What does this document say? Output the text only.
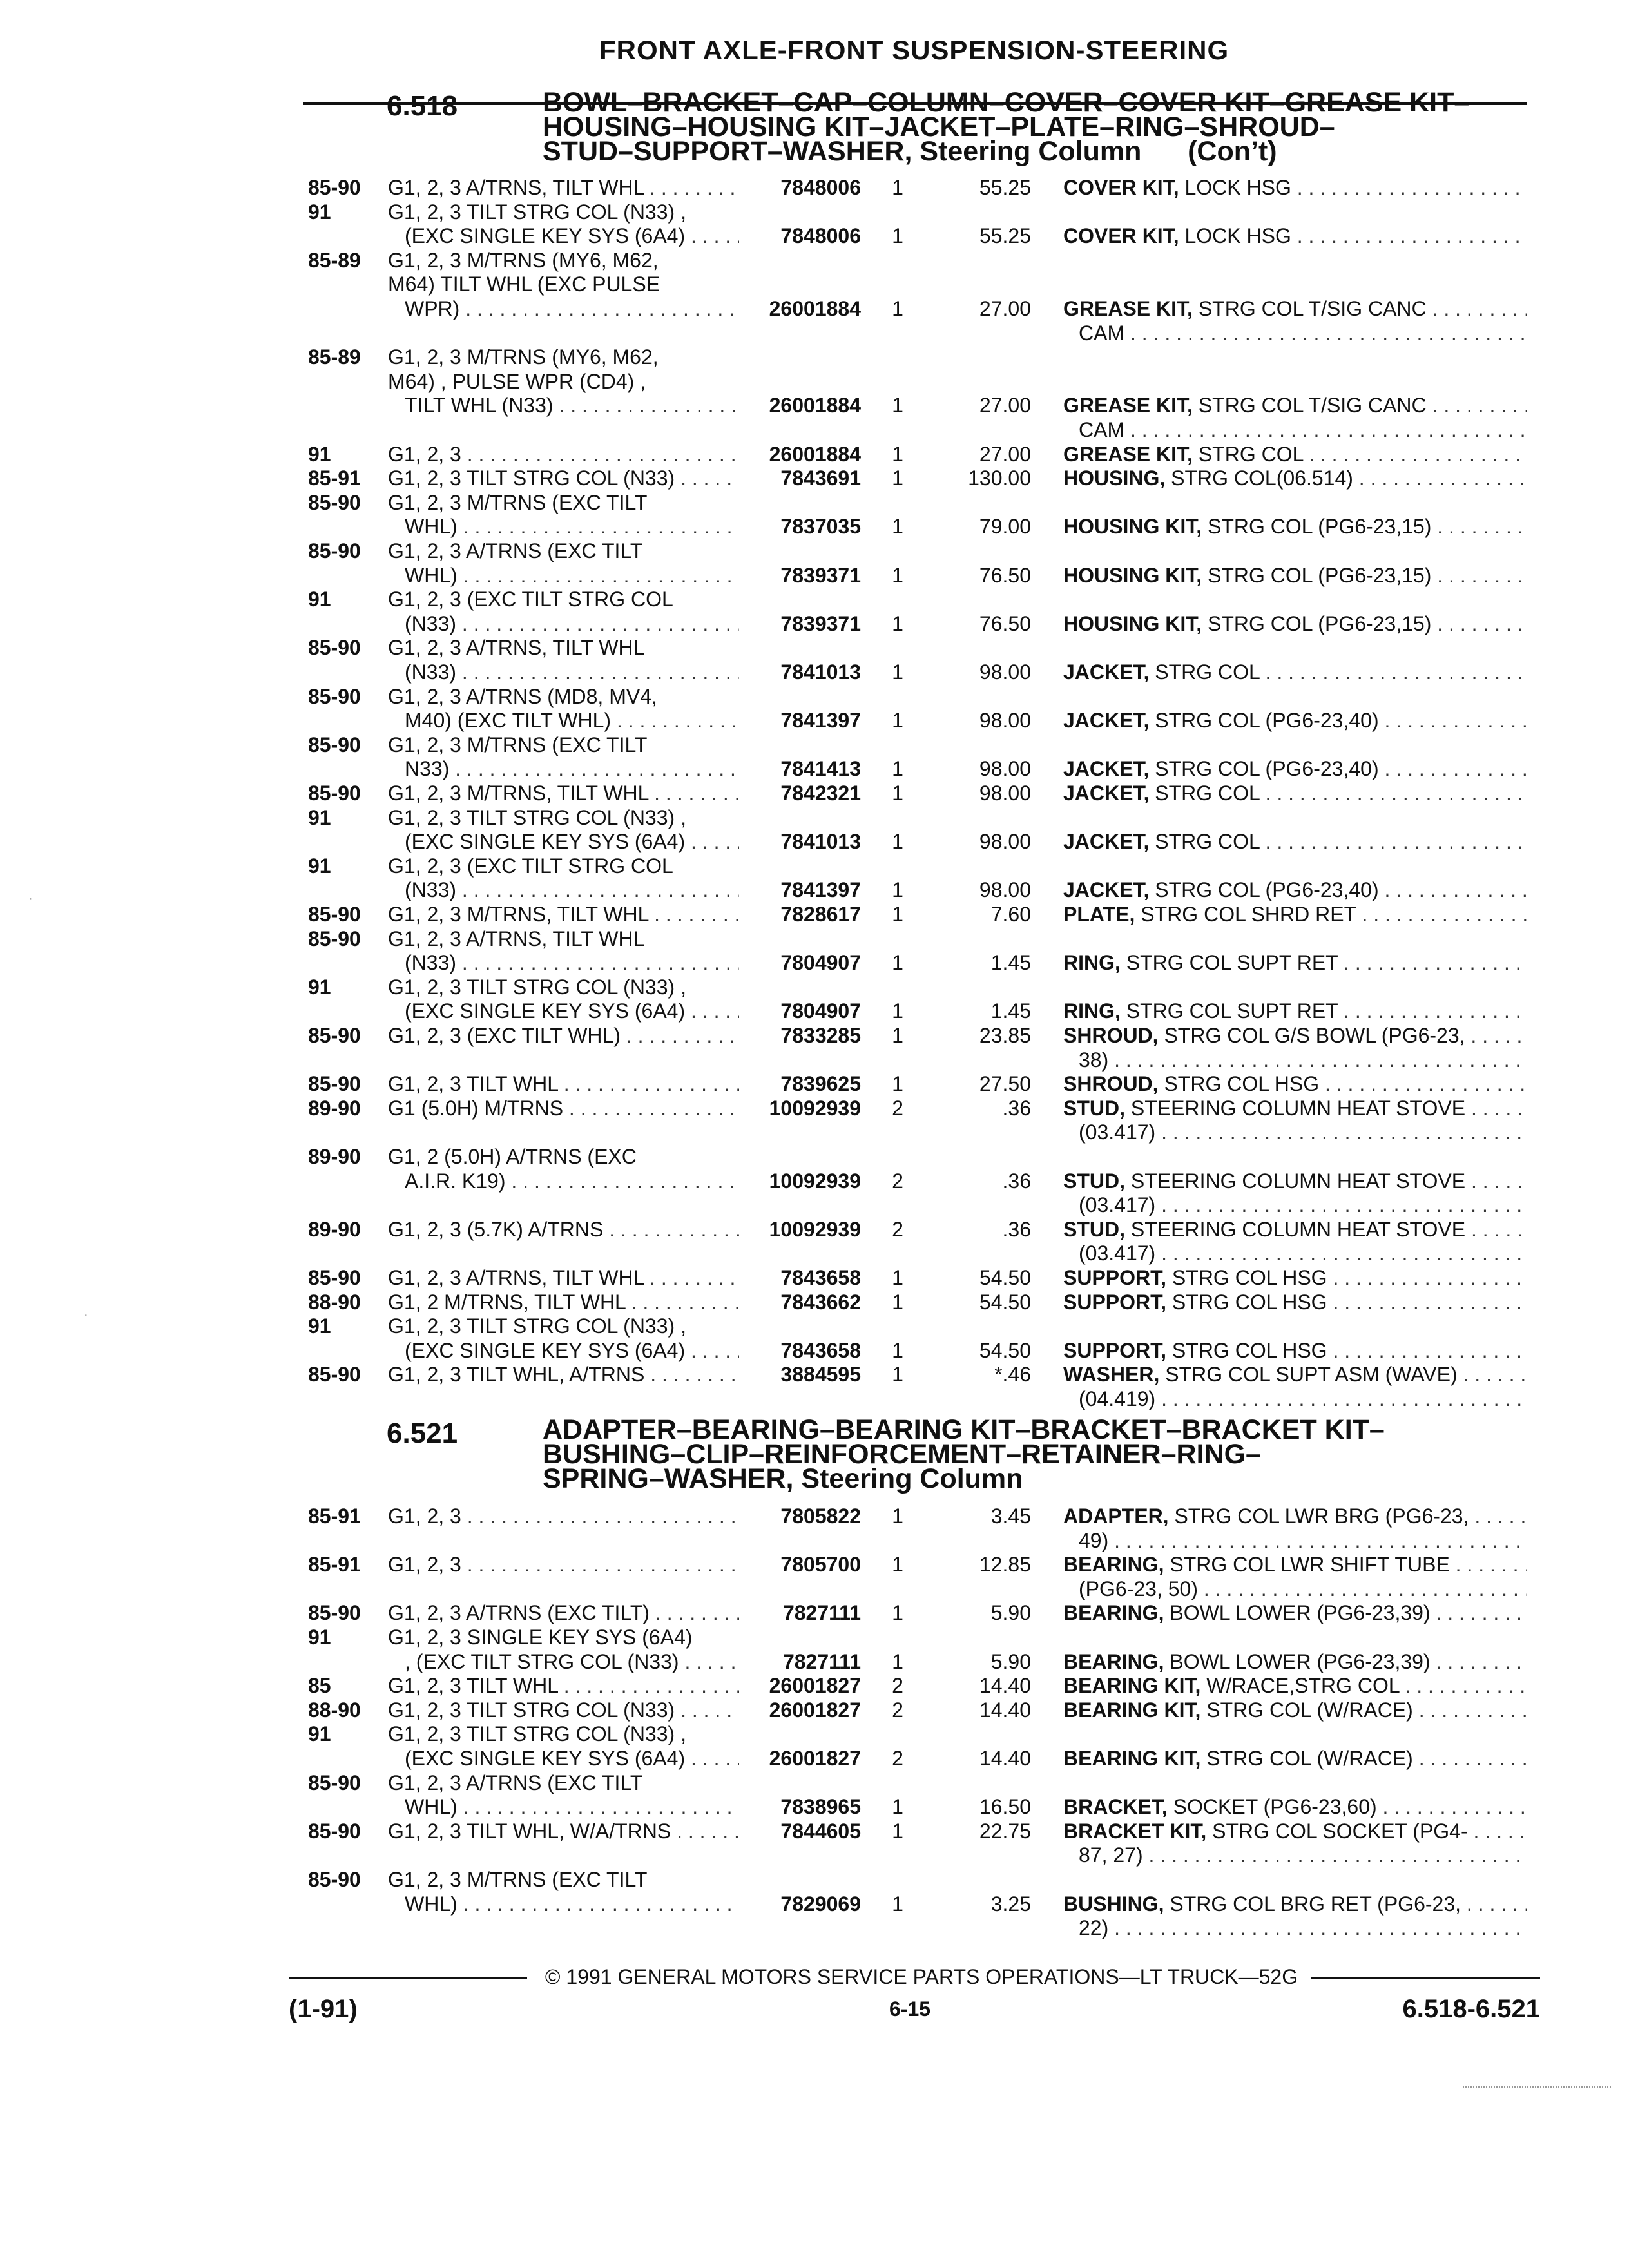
FRONT AXLE-FRONT SUSPENSION-STEERING
6.518	BOWL–BRACKET–CAP–COLUMN–COVER–COVER KIT–GREASE KIT–
HOUSING–HOUSING KIT–JACKET–PLATE–RING–SHROUD–
STUD–SUPPORT–WASHER, Steering Column      (Con’t)
85-90 G1, 2, 3 A/TRNS, TILT WHL . . .	7848006	1	55.25 COVER KIT, LOCK HSG . . .
91	G1, 2, 3 TILT STRG COL (N33) ,
(EXC SINGLE KEY SYS (6A4) . . .	7848006	1	55.25 COVER KIT, LOCK HSG . . .
85-89 G1, 2, 3 M/TRNS (MY6, M62,
M64) TILT WHL (EXC PULSE
WPR) . . .	26001884	1	27.00 GREASE KIT, STRG COL T/SIG CANC . . .
CAM . . .
85-89 G1, 2, 3 M/TRNS (MY6, M62,
M64) , PULSE WPR (CD4) ,
TILT WHL (N33) . . .	26001884	1	27.00 GREASE KIT, STRG COL T/SIG CANC . . .
CAM . . .
91	G1, 2, 3 . . .	26001884	1	27.00 GREASE KIT, STRG COL . . .
85-91 G1, 2, 3 TILT STRG COL (N33) . . .	7843691	1	130.00 HOUSING, STRG COL(06.514) . . .
85-90 G1, 2, 3 M/TRNS (EXC TILT
WHL) . . .	7837035	1	79.00 HOUSING KIT, STRG COL (PG6-23,15) . . .
85-90 G1, 2, 3 A/TRNS (EXC TILT
WHL) . . .	7839371	1	76.50 HOUSING KIT, STRG COL (PG6-23,15) . . .
91	G1, 2, 3 (EXC TILT STRG COL
(N33) . . .	7839371	1	76.50 HOUSING KIT, STRG COL (PG6-23,15) . . .
85-90 G1, 2, 3 A/TRNS, TILT WHL
(N33) . . .	7841013	1	98.00 JACKET, STRG COL . . .
85-90 G1, 2, 3 A/TRNS (MD8, MV4,
M40) (EXC TILT WHL) . . .	7841397	1	98.00 JACKET, STRG COL (PG6-23,40) . . .
85-90 G1, 2, 3 M/TRNS (EXC TILT
N33) . . .	7841413	1	98.00 JACKET, STRG COL (PG6-23,40) . . .
85-90 G1, 2, 3 M/TRNS, TILT WHL . . .	7842321	1	98.00 JACKET, STRG COL . . .
91	G1, 2, 3 TILT STRG COL (N33) ,
(EXC SINGLE KEY SYS (6A4) . . .	7841013	1	98.00 JACKET, STRG COL . . .
91	G1, 2, 3 (EXC TILT STRG COL
(N33) . . .	7841397	1	98.00 JACKET, STRG COL (PG6-23,40) . . .
85-90 G1, 2, 3 M/TRNS, TILT WHL . . .	7828617	1	7.60 PLATE, STRG COL SHRD RET . . .
85-90 G1, 2, 3 A/TRNS, TILT WHL
(N33) . . .	7804907	1	1.45 RING, STRG COL SUPT RET . . .
91	G1, 2, 3 TILT STRG COL (N33) ,
(EXC SINGLE KEY SYS (6A4) . . .	7804907	1	1.45 RING, STRG COL SUPT RET . . .
85-90 G1, 2, 3 (EXC TILT WHL) . . .	7833285	1	23.85 SHROUD, STRG COL G/S BOWL (PG6-23, . . .
38) . . .
85-90 G1, 2, 3 TILT WHL . . .	7839625	1	27.50 SHROUD, STRG COL HSG . . .
89-90 G1 (5.0H) M/TRNS . . .	10092939	2	.36 STUD, STEERING COLUMN HEAT STOVE . . .
(03.417) . . .
89-90 G1, 2 (5.0H) A/TRNS (EXC
A.I.R. K19) . . .	10092939	2	.36 STUD, STEERING COLUMN HEAT STOVE . . .
(03.417) . . .
89-90 G1, 2, 3 (5.7K) A/TRNS . . .	10092939	2	.36 STUD, STEERING COLUMN HEAT STOVE . . .
(03.417) . . .
85-90 G1, 2, 3 A/TRNS, TILT WHL . . .	7843658	1	54.50 SUPPORT, STRG COL HSG . . .
88-90 G1, 2 M/TRNS, TILT WHL . . .	7843662	1	54.50 SUPPORT, STRG COL HSG . . .
91	G1, 2, 3 TILT STRG COL (N33) ,
(EXC SINGLE KEY SYS (6A4) . . .	7843658	1	54.50 SUPPORT, STRG COL HSG . . .
85-90 G1, 2, 3 TILT WHL, A/TRNS . . .	3884595	1	*.46 WASHER, STRG COL SUPT ASM (WAVE) . . .
(04.419) . . .
6.521	ADAPTER–BEARING–BEARING KIT–BRACKET–BRACKET KIT–
BUSHING–CLIP–REINFORCEMENT–RETAINER–RING–
SPRING–WASHER, Steering Column
85-91 G1, 2, 3 . . .	7805822	1	3.45 ADAPTER, STRG COL LWR BRG (PG6-23, . . .
49) . . .
85-91 G1, 2, 3 . . .	7805700	1	12.85 BEARING, STRG COL LWR SHIFT TUBE . . .
(PG6-23, 50) . . .
85-90 G1, 2, 3 A/TRNS (EXC TILT) . . .	7827111	1	5.90 BEARING, BOWL LOWER (PG6-23,39) . . .
91	G1, 2, 3 SINGLE KEY SYS (6A4)
, (EXC TILT STRG COL (N33) . . .	7827111	1	5.90 BEARING, BOWL LOWER (PG6-23,39) . . .
85	G1, 2, 3 TILT WHL . . .	26001827	2	14.40 BEARING KIT, W/RACE,STRG COL . . .
88-90 G1, 2, 3 TILT STRG COL (N33) . . .	26001827	2	14.40 BEARING KIT, STRG COL (W/RACE) . . .
91	G1, 2, 3 TILT STRG COL (N33) ,
(EXC SINGLE KEY SYS (6A4) . . .	26001827	2	14.40 BEARING KIT, STRG COL (W/RACE) . . .
85-90 G1, 2, 3 A/TRNS (EXC TILT
WHL) . . .	7838965	1	16.50 BRACKET, SOCKET (PG6-23,60) . . .
85-90 G1, 2, 3 TILT WHL, W/A/TRNS . . .	7844605	1	22.75 BRACKET KIT, STRG COL SOCKET (PG4- . . .
87, 27) . . .
85-90 G1, 2, 3 M/TRNS (EXC TILT
WHL) . . .	7829069	1	3.25 BUSHING, STRG COL BRG RET (PG6-23, . . .
22) . . .
© 1991 GENERAL MOTORS SERVICE PARTS OPERATIONS—LT TRUCK—52G
(1-91)	6-15	6.518-6.521
·
·
